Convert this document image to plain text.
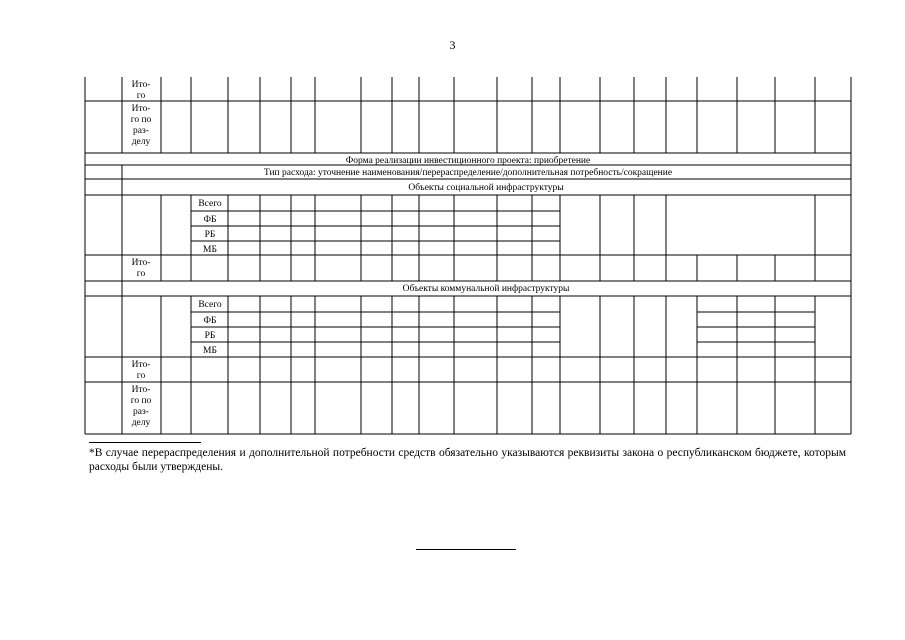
3
Ито-
го
Ито-
го по
раз-
делу
Форма реализации инвестиционного проекта: приобретение
Тип расхода: уточнение наименования/перераспределение/дополнительная потребность/сокращение
Объекты социальной инфраструктуры
Всего
ФБ
РБ
МБ
Ито-
го
Объекты коммунальной инфраструктуры
Всего
ФБ
РБ
МБ
Ито-
го
Ито-
го по
раз-
делу
*В случае перераспределения и дополнительной потребности средств обязательно указываются реквизиты закона о республиканском бюджете, которым расходы были утверждены.
